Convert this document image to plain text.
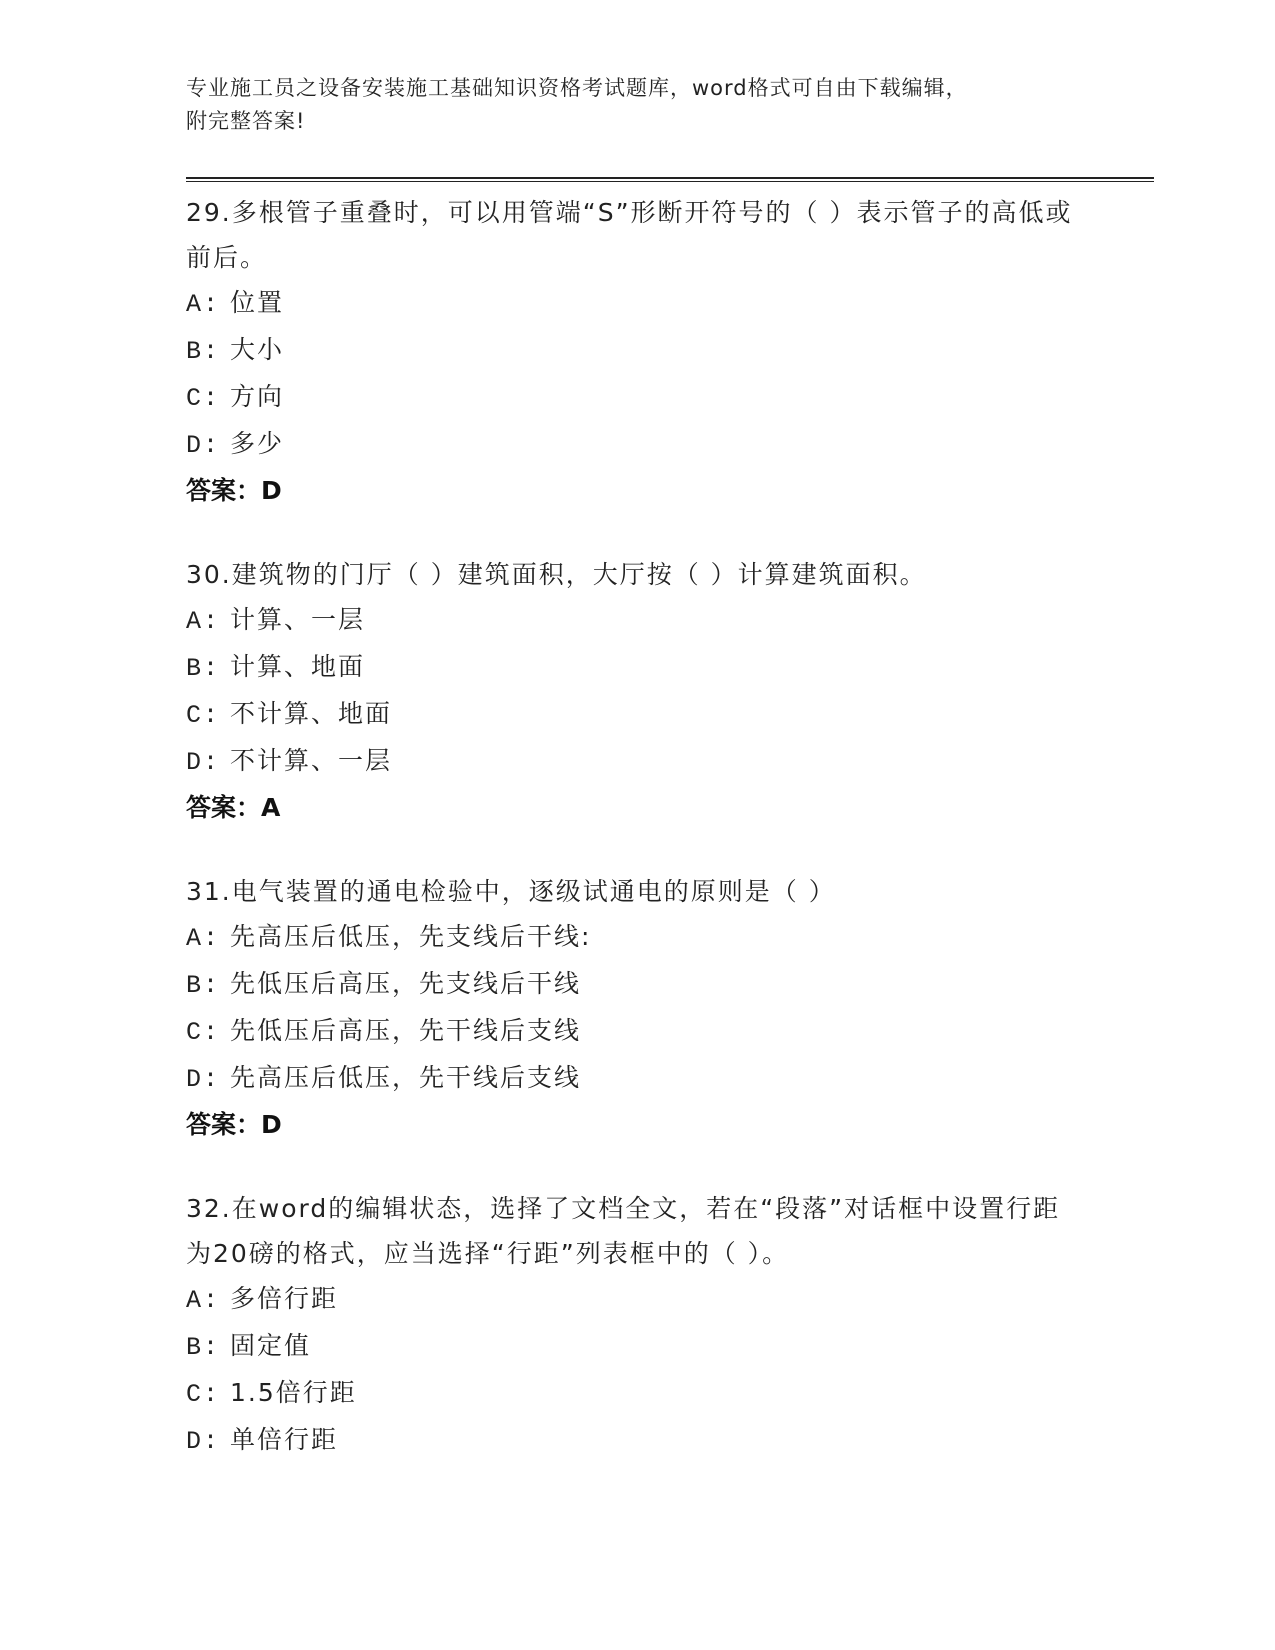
专业施工员之设备安装施工基础知识资格考试题库，word格式可自由下载编辑，
附完整答案!
29.多根管子重叠时，可以用管端“S”形断开符号的（ ）表示管子的高低或前后。
A: 位置
B: 大小
C: 方向
D: 多少
答案：D
30.建筑物的门厅（ ）建筑面积，大厅按（ ）计算建筑面积。
A: 计算、一层
B: 计算、地面
C: 不计算、地面
D: 不计算、一层
答案：A
31.电气装置的通电检验中，逐级试通电的原则是（ ）
A: 先高压后低压，先支线后干线:
B: 先低压后高压，先支线后干线
C: 先低压后高压，先干线后支线
D: 先高压后低压，先干线后支线
答案：D
32.在word的编辑状态，选择了文档全文，若在“段落”对话框中设置行距为20磅的格式，应当选择“行距”列表框中的（ ）。
A: 多倍行距
B: 固定值
C: 1.5倍行距
D: 单倍行距
